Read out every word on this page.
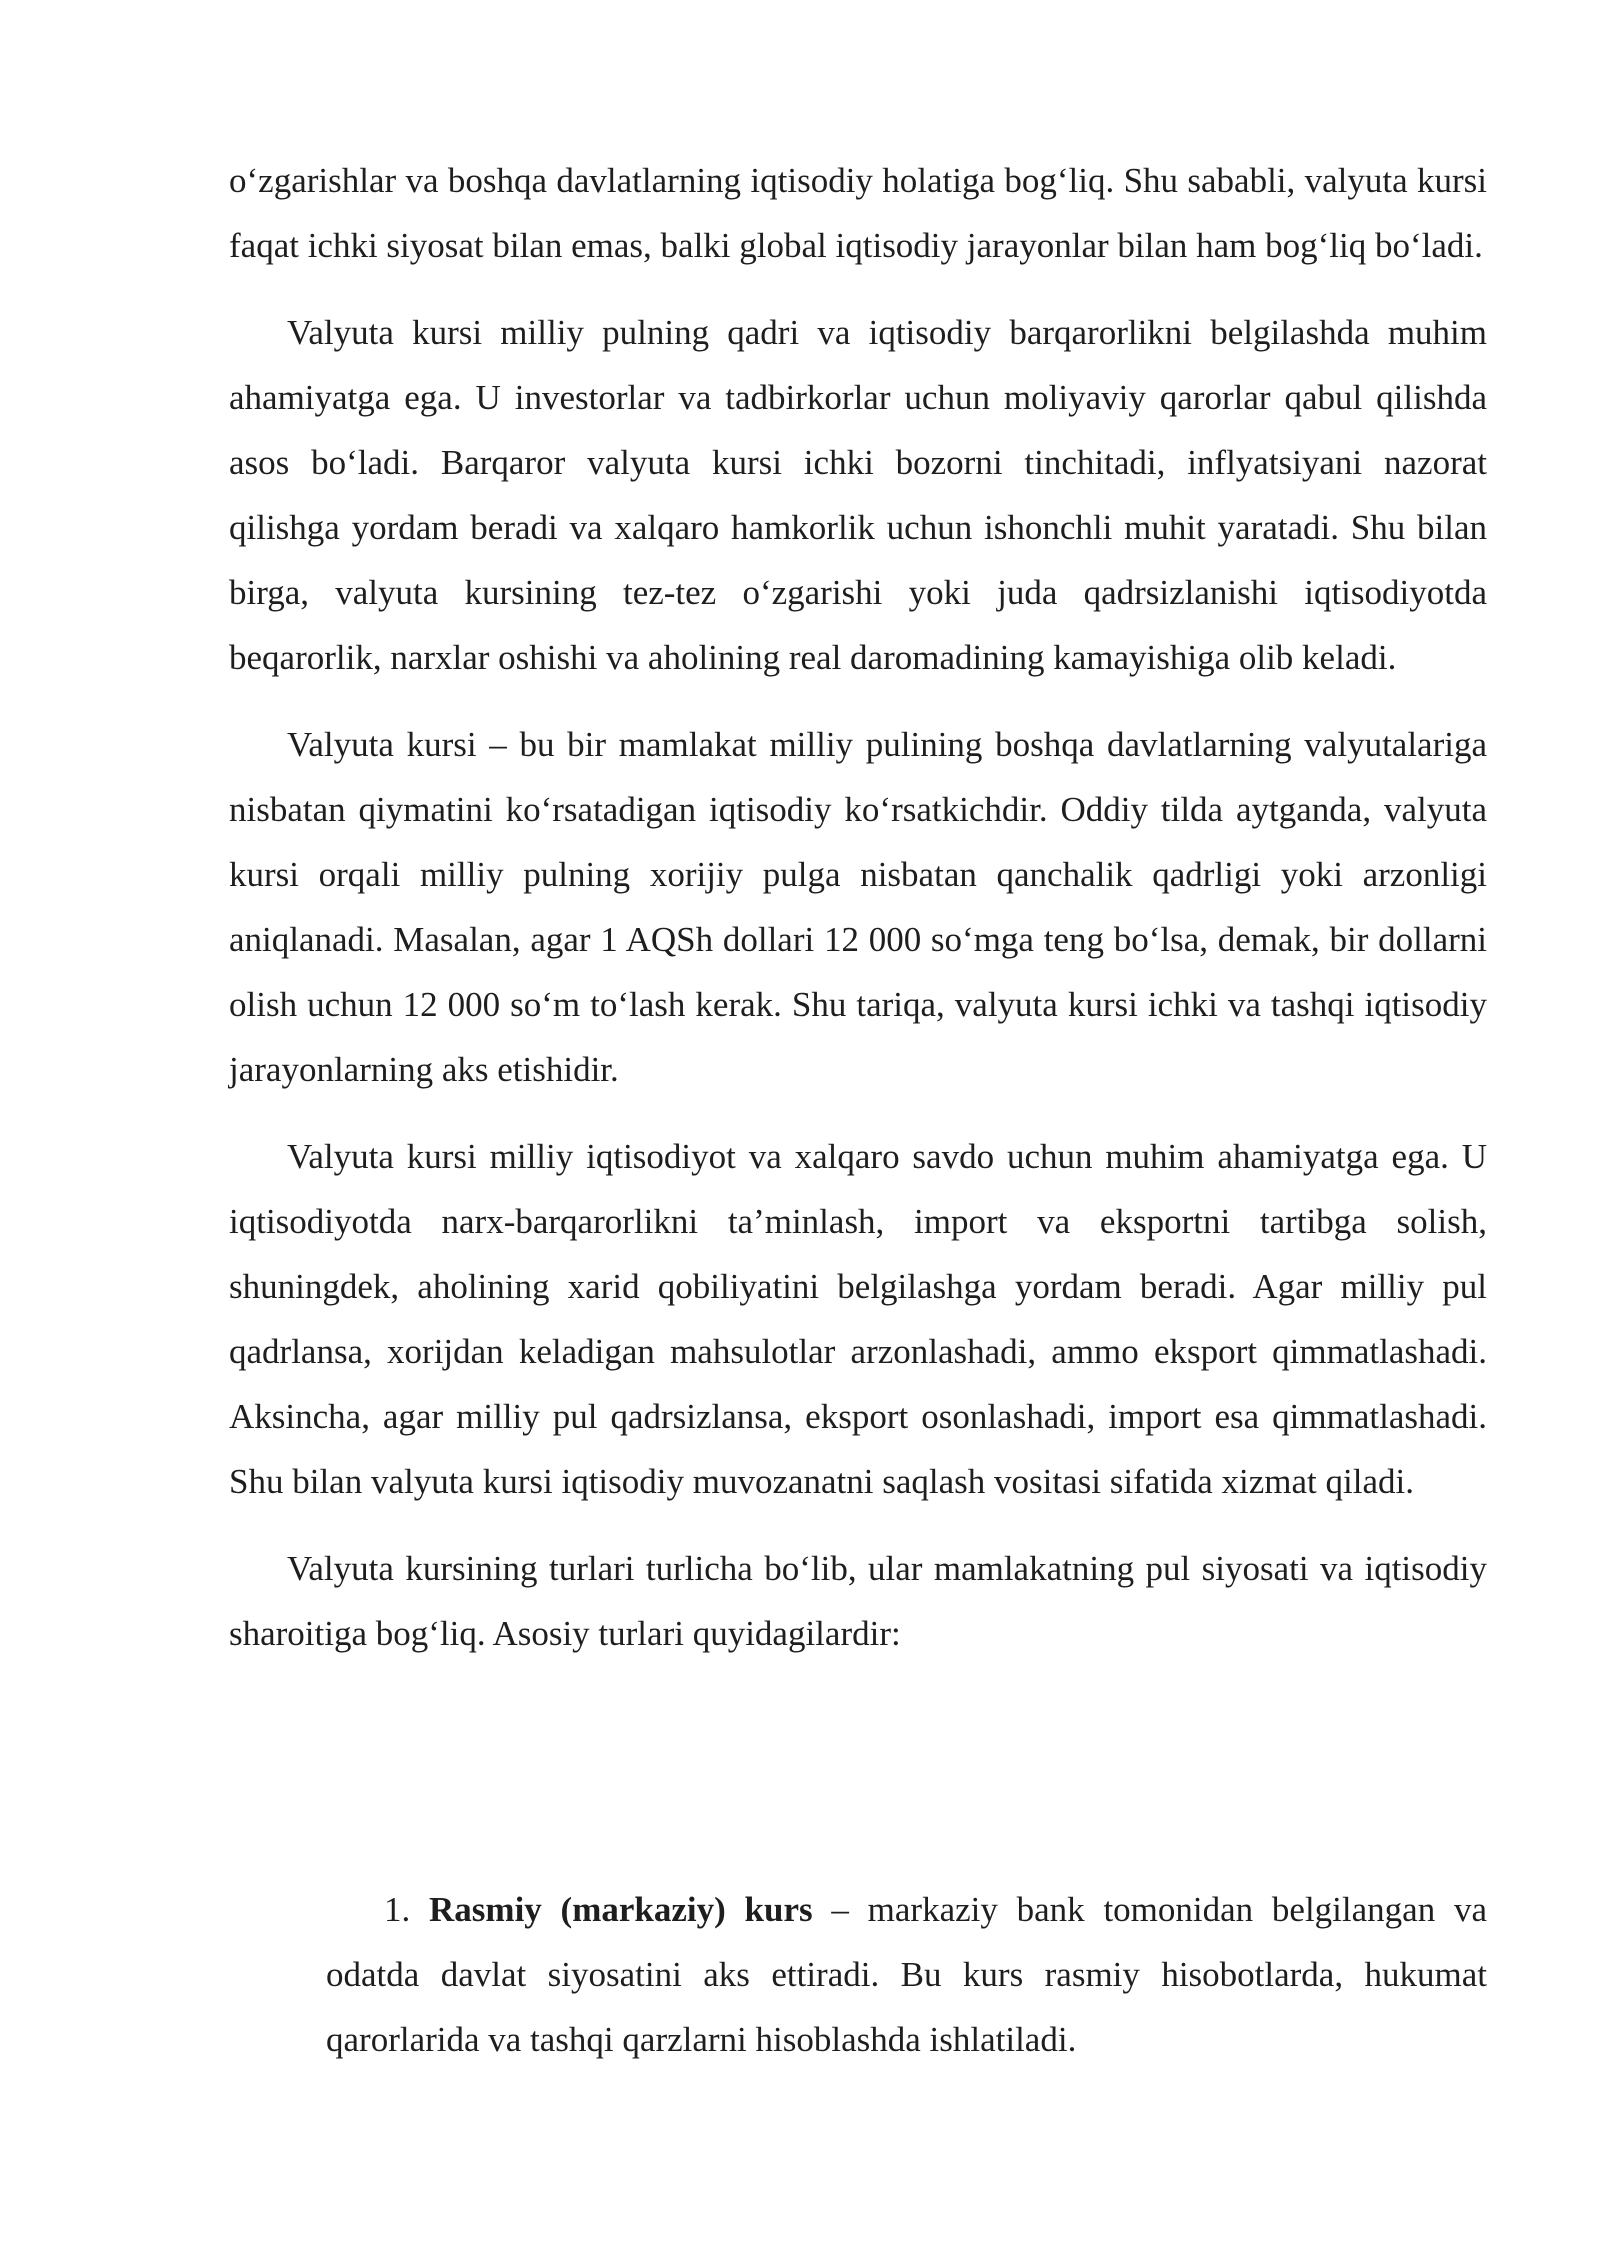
o‘zgarishlar va boshqa davlatlarning iqtisodiy holatiga bog‘liq. Shu sababli, valyuta kursi faqat ichki siyosat bilan emas, balki global iqtisodiy jarayonlar bilan ham bog‘liq bo‘ladi.

Valyuta kursi milliy pulning qadri va iqtisodiy barqarorlikni belgilashda muhim ahamiyatga ega. U investorlar va tadbirkorlar uchun moliyaviy qarorlar qabul qilishda asos bo‘ladi. Barqaror valyuta kursi ichki bozorni tinchitadi, inflyatsiyani nazorat qilishga yordam beradi va xalqaro hamkorlik uchun ishonchli muhit yaratadi. Shu bilan birga, valyuta kursining tez-tez o‘zgarishi yoki juda qadrsizlanishi iqtisodiyotda beqarorlik, narxlar oshishi va aholining real daromadining kamayishiga olib keladi.

Valyuta kursi – bu bir mamlakat milliy pulining boshqa davlatlarning valyutalariga nisbatan qiymatini ko‘rsatadigan iqtisodiy ko‘rsatkichdir. Oddiy tilda aytganda, valyuta kursi orqali milliy pulning xorijiy pulga nisbatan qanchalik qadrligi yoki arzonligi aniqlanadi. Masalan, agar 1 AQSh dollari 12 000 so‘mga teng bo‘lsa, demak, bir dollarni olish uchun 12 000 so‘m to‘lash kerak. Shu tariqa, valyuta kursi ichki va tashqi iqtisodiy jarayonlarning aks etishidir.

Valyuta kursi milliy iqtisodiyot va xalqaro savdo uchun muhim ahamiyatga ega. U iqtisodiyotda narx-barqarorlikni ta’minlash, import va eksportni tartibga solish, shuningdek, aholining xarid qobiliyatini belgilashga yordam beradi. Agar milliy pul qadrlansa, xorijdan keladigan mahsulotlar arzonlashadi, ammo eksport qimmatlashadi. Aksincha, agar milliy pul qadrsizlansa, eksport osonlashadi, import esa qimmatlashadi. Shu bilan valyuta kursi iqtisodiy muvozanatni saqlash vositasi sifatida xizmat qiladi.

Valyuta kursining turlari turlicha bo‘lib, ular mamlakatning pul siyosati va iqtisodiy sharoitiga bog‘liq. Asosiy turlari quyidagilardir:

1. Rasmiy (markaziy) kurs – markaziy bank tomonidan belgilangan va odatda davlat siyosatini aks ettiradi. Bu kurs rasmiy hisobotlarda, hukumat qarorlarida va tashqi qarzlarni hisoblashda ishlatiladi.
